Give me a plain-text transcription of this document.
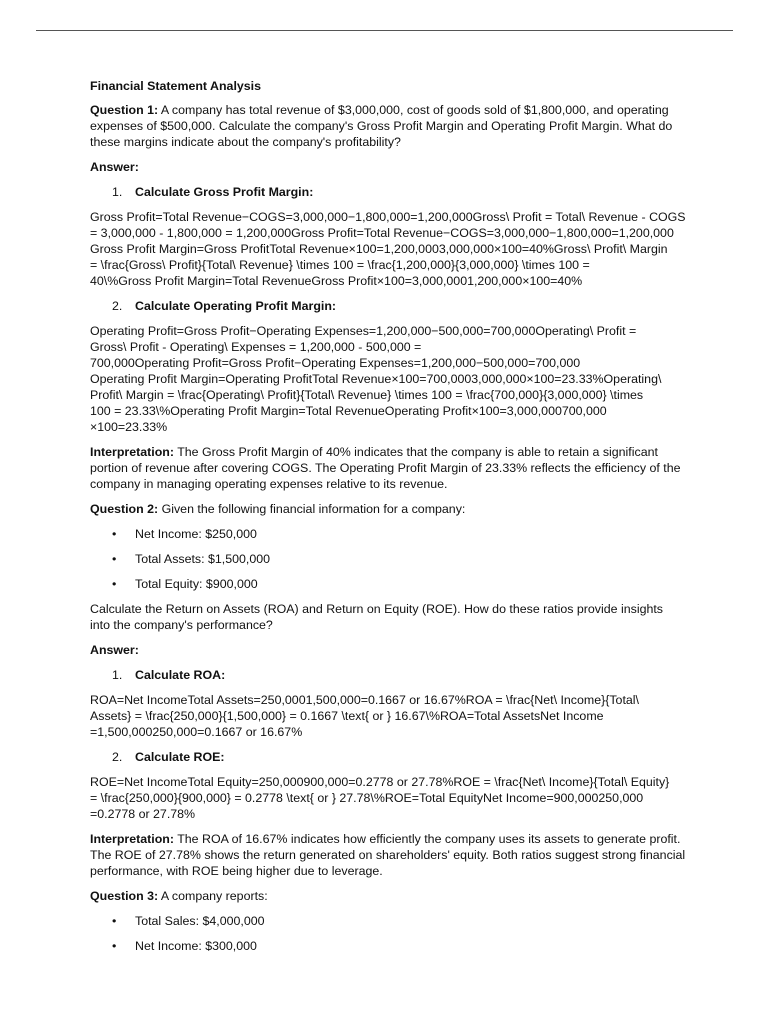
Financial Statement Analysis

Question 1: A company has total revenue of $3,000,000, cost of goods sold of $1,800,000, and operating expenses of $500,000. Calculate the company's Gross Profit Margin and Operating Profit Margin. What do these margins indicate about the company's profitability?

Answer:

1.	Calculate Gross Profit Margin:
Gross Profit=Total Revenue−COGS=3,000,000−1,800,000=1,200,000Gross\ Profit = Total\ Revenue - COGS
= 3,000,000 - 1,800,000 = 1,200,000Gross Profit=Total Revenue−COGS=3,000,000−1,800,000=1,200,000
Gross Profit Margin=Gross ProfitTotal Revenue×100=1,200,0003,000,000×100=40%Gross\ Profit\ Margin
= \frac{Gross\ Profit}{Total\ Revenue} \times 100 = \frac{1,200,000}{3,000,000} \times 100 =
40\%Gross Profit Margin=Total RevenueGross Profit×100=3,000,0001,200,000×100=40%
2.	Calculate Operating Profit Margin:
Operating Profit=Gross Profit−Operating Expenses=1,200,000−500,000=700,000Operating\ Profit =
Gross\ Profit - Operating\ Expenses = 1,200,000 - 500,000 =
700,000Operating Profit=Gross Profit−Operating Expenses=1,200,000−500,000=700,000
Operating Profit Margin=Operating ProfitTotal Revenue×100=700,0003,000,000×100=23.33%Operating\
Profit\ Margin = \frac{Operating\ Profit}{Total\ Revenue} \times 100 = \frac{700,000}{3,000,000} \times
100 = 23.33\%Operating Profit Margin=Total RevenueOperating Profit×100=3,000,000700,000
×100=23.33%

Interpretation: The Gross Profit Margin of 40% indicates that the company is able to retain a significant portion of revenue after covering COGS. The Operating Profit Margin of 23.33% reflects the efficiency of the company in managing operating expenses relative to its revenue.

Question 2: Given the following financial information for a company:

•	Net Income: $250,000
•	Total Assets: $1,500,000
•	Total Equity: $900,000

Calculate the Return on Assets (ROA) and Return on Equity (ROE). How do these ratios provide insights into the company's performance?

Answer:

1.	Calculate ROA:
ROA=Net IncomeTotal Assets=250,0001,500,000=0.1667 or 16.67%ROA = \frac{Net\ Income}{Total\
Assets} = \frac{250,000}{1,500,000} = 0.1667 \text{ or } 16.67\%ROA=Total AssetsNet Income
=1,500,000250,000=0.1667 or 16.67%
2.	Calculate ROE:
ROE=Net IncomeTotal Equity=250,000900,000=0.2778 or 27.78%ROE = \frac{Net\ Income}{Total\ Equity}
= \frac{250,000}{900,000} = 0.2778 \text{ or } 27.78\%ROE=Total EquityNet Income=900,000250,000
=0.2778 or 27.78%

Interpretation: The ROA of 16.67% indicates how efficiently the company uses its assets to generate profit. The ROE of 27.78% shows the return generated on shareholders' equity. Both ratios suggest strong financial performance, with ROE being higher due to leverage.

Question 3: A company reports:

•	Total Sales: $4,000,000
•	Net Income: $300,000
